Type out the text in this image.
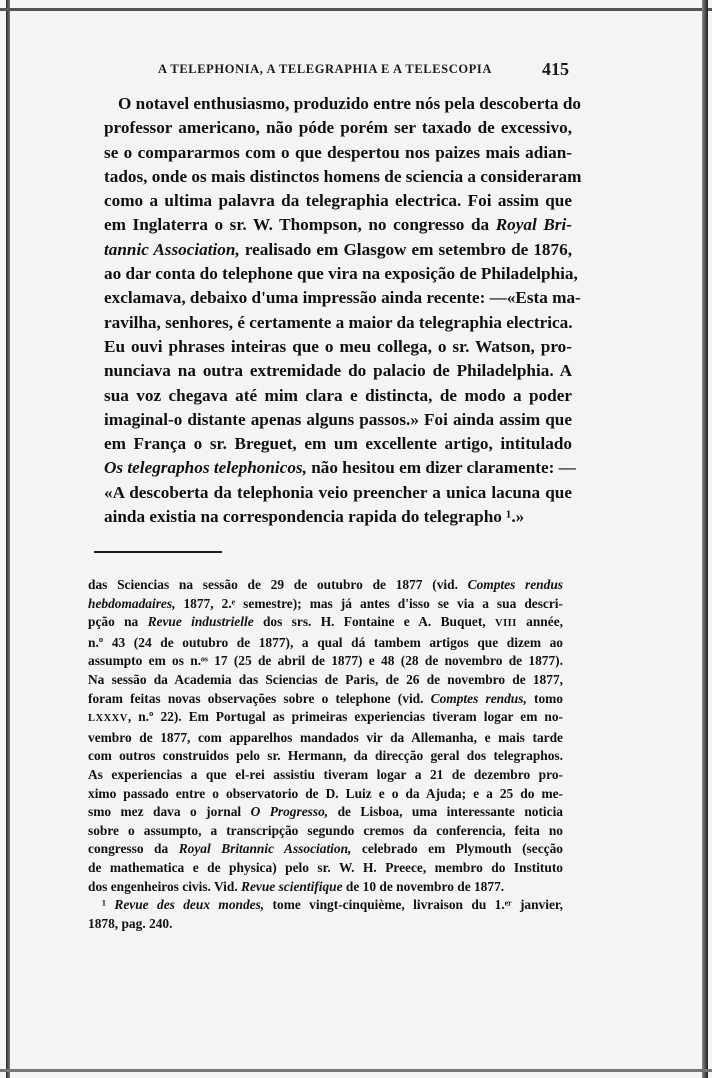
A TELEPHONIA, A TELEGRAPHIA E A TELESCOPIA	415
O notavel enthusiasmo, produzido entre nós pela descoberta do
professor americano, não póde porém ser taxado de excessivo,
se o compararmos com o que despertou nos paizes mais adian-
tados, onde os mais distinctos homens de sciencia a consideraram
como a ultima palavra da telegraphia electrica. Foi assim que
em Inglaterra o sr. W. Thompson, no congresso da Royal Bri-
tannic Association, realisado em Glasgow em setembro de 1876,
ao dar conta do telephone que vira na exposição de Philadelphia,
exclamava, debaixo d'uma impressão ainda recente: —«Esta ma-
ravilha, senhores, é certamente a maior da telegraphia electrica.
Eu ouvi phrases inteiras que o meu collega, o sr. Watson, pro-
nunciava na outra extremidade do palacio de Philadelphia. A
sua voz chegava até mim clara e distincta, de modo a poder
imaginal-o distante apenas alguns passos.» Foi ainda assim que
em França o sr. Breguet, em um excellente artigo, intitulado
Os telegraphos telephonicos, não hesitou em dizer claramente: —
«A descoberta da telephonia veio preencher a unica lacuna que
ainda existia na correspondencia rapida do telegrapho ¹.»
das Sciencias na sessão de 29 de outubro de 1877 (vid. Comptes rendus
hebdomadaires, 1877, 2.ᵉ semestre); mas já antes d'isso se via a sua descri-
pção na Revue industrielle dos srs. H. Fontaine e A. Buquet, VIII année,
n.º 43 (24 de outubro de 1877), a qual dá tambem artigos que dizem ao
assumpto em os n.ᵒˢ 17 (25 de abril de 1877) e 48 (28 de novembro de 1877).
Na sessão da Academia das Sciencias de Paris, de 26 de novembro de 1877,
foram feitas novas observações sobre o telephone (vid. Comptes rendus, tomo
LXXXV, n.º 22). Em Portugal as primeiras experiencias tiveram logar em no-
vembro de 1877, com apparelhos mandados vir da Allemanha, e mais tarde
com outros construidos pelo sr. Hermann, da direcção geral dos telegraphos.
As experiencias a que el-rei assistiu tiveram logar a 21 de dezembro pro-
ximo passado entre o observatorio de D. Luiz e o da Ajuda; e a 25 do me-
smo mez dava o jornal O Progresso, de Lisboa, uma interessante noticia
sobre o assumpto, a transcripção segundo cremos da conferencia, feita no
congresso da Royal Britannic Association, celebrado em Plymouth (secção
de mathematica e de physica) pelo sr. W. H. Preece, membro do Instituto
dos engenheiros civis. Vid. Revue scientifique de 10 de novembro de 1877.
¹ Revue des deux mondes, tome vingt-cinquième, livraison du 1.ᵉʳ janvier,
1878, pag. 240.
